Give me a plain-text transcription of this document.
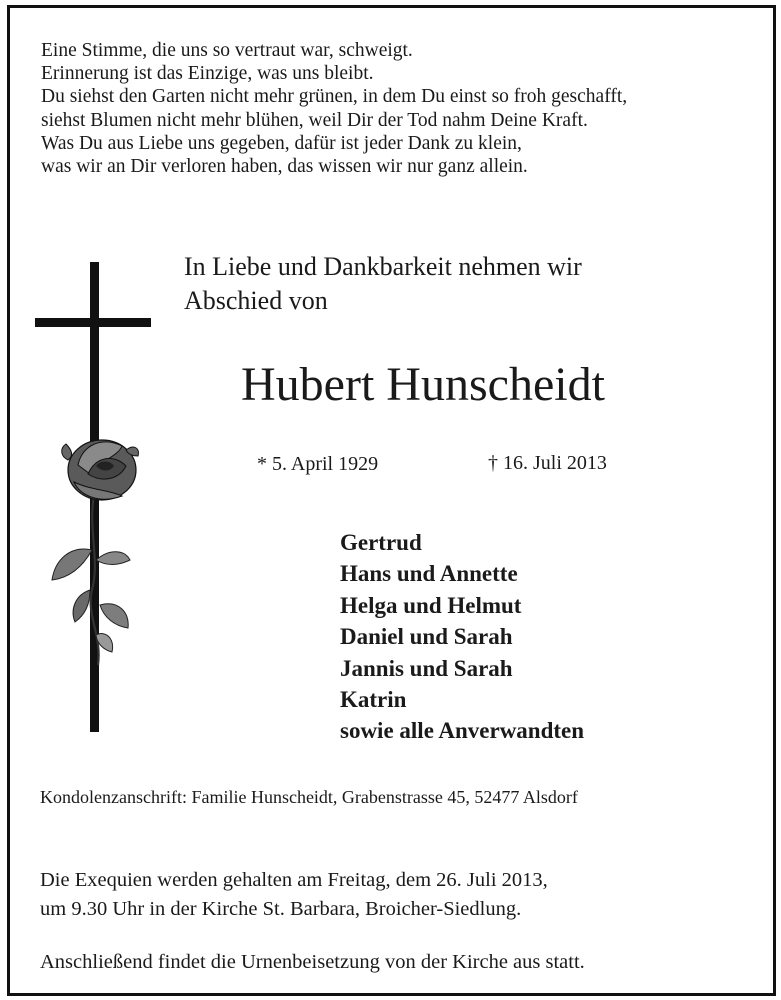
Eine Stimme, die uns so vertraut war, schweigt.
Erinnerung ist das Einzige, was uns bleibt.
Du siehst den Garten nicht mehr grünen, in dem Du einst so froh geschafft,
siehst Blumen nicht mehr blühen, weil Dir der Tod nahm Deine Kraft.
Was Du aus Liebe uns gegeben, dafür ist jeder Dank zu klein,
was wir an Dir verloren haben, das wissen wir nur ganz allein.
In Liebe und Dankbarkeit nehmen wir
Abschied von
Hubert Hunscheidt
* 5. April 1929	† 16. Juli 2013
Gertrud
Hans und Annette
Helga und Helmut
Daniel und Sarah
Jannis und Sarah
Katrin
sowie alle Anverwandten
Kondolenzanschrift: Familie Hunscheidt, Grabenstrasse 45, 52477 Alsdorf
Die Exequien werden gehalten am Freitag, dem 26. Juli 2013,
um 9.30 Uhr in der Kirche St. Barbara, Broicher-Siedlung.
Anschließend findet die Urnenbeisetzung von der Kirche aus statt.
